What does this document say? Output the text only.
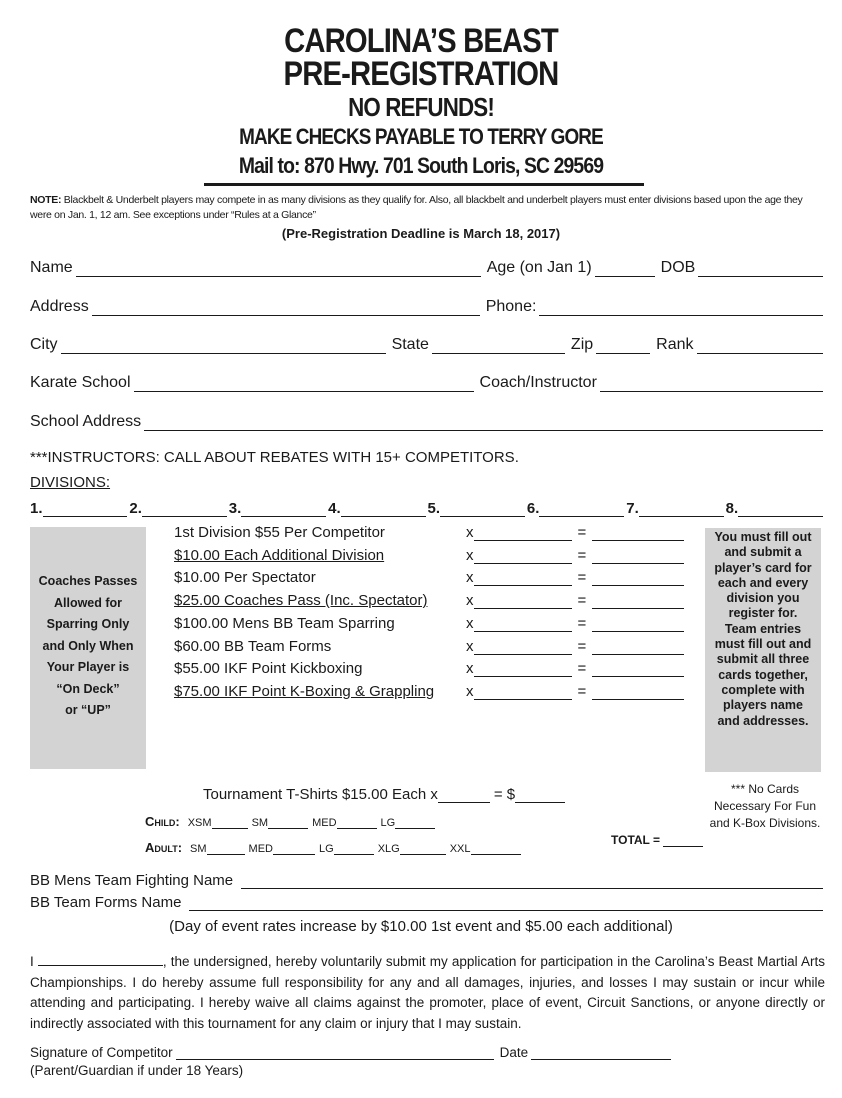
CAROLINA’S BEAST
PRE-REGISTRATION
NO REFUNDS!
MAKE CHECKS PAYABLE TO TERRY GORE
Mail to: 870 Hwy. 701 South Loris, SC 29569
NOTE: Blackbelt & Underbelt players may compete in as many divisions as they qualify for. Also, all blackbelt and underbelt players must enter divisions based upon the age they were on Jan. 1, 12 am. See exceptions under “Rules at a Glance”
(Pre-Registration Deadline is March 18, 2017)
Name	Age (on Jan 1)	DOB
Address	Phone:
City	State	Zip	Rank
Karate School	Coach/Instructor
School Address
***INSTRUCTORS: CALL ABOUT REBATES WITH 15+ COMPETITORS.
DIVISIONS:
1.	2.	3.	4.	5.	6.	7.	8.
Coaches Passes
Allowed for
Sparring Only
and Only When
Your Player is
“On Deck”
or “UP”
1st Division $55 Per Competitor	x	=
$10.00 Each Additional Division	x	=
$10.00 Per Spectator	x	=
$25.00 Coaches Pass (Inc. Spectator)	x	=
$100.00 Mens BB Team Sparring	x	=
$60.00 BB Team Forms	x	=
$55.00 IKF Point Kickboxing	x	=
$75.00 IKF Point K-Boxing & Grappling x	=
You must fill out
and submit a
player’s card for
each and every
division you
register for.
Team entries
must fill out and
submit all three
cards together,
complete with
players name
and addresses.
Tournament T-Shirts $15.00 Each x	= $
Child: XSM	SM	MED	LG
Adult: SM	MED	LG	XLG	XXL
*** No Cards
Necessary For Fun
and K-Box Divisions.
TOTAL =
BB Mens Team Fighting Name
BB Team Forms Name
(Day of event rates increase by $10.00 1st event and $5.00 each additional)
I	, the undersigned, hereby voluntarily submit my application for participation in the Carolina’s Beast Martial Arts Championships. I do hereby assume full responsibility for any and all damages, injuries, and losses I may sustain or incur while attending and participating. I hereby waive all claims against the promoter, place of event, Circuit Sanctions, or anyone directly or indirectly associated with this tournament for any claim or injury that I may sustain.
Signature of Competitor	Date
(Parent/Guardian if under 18 Years)
